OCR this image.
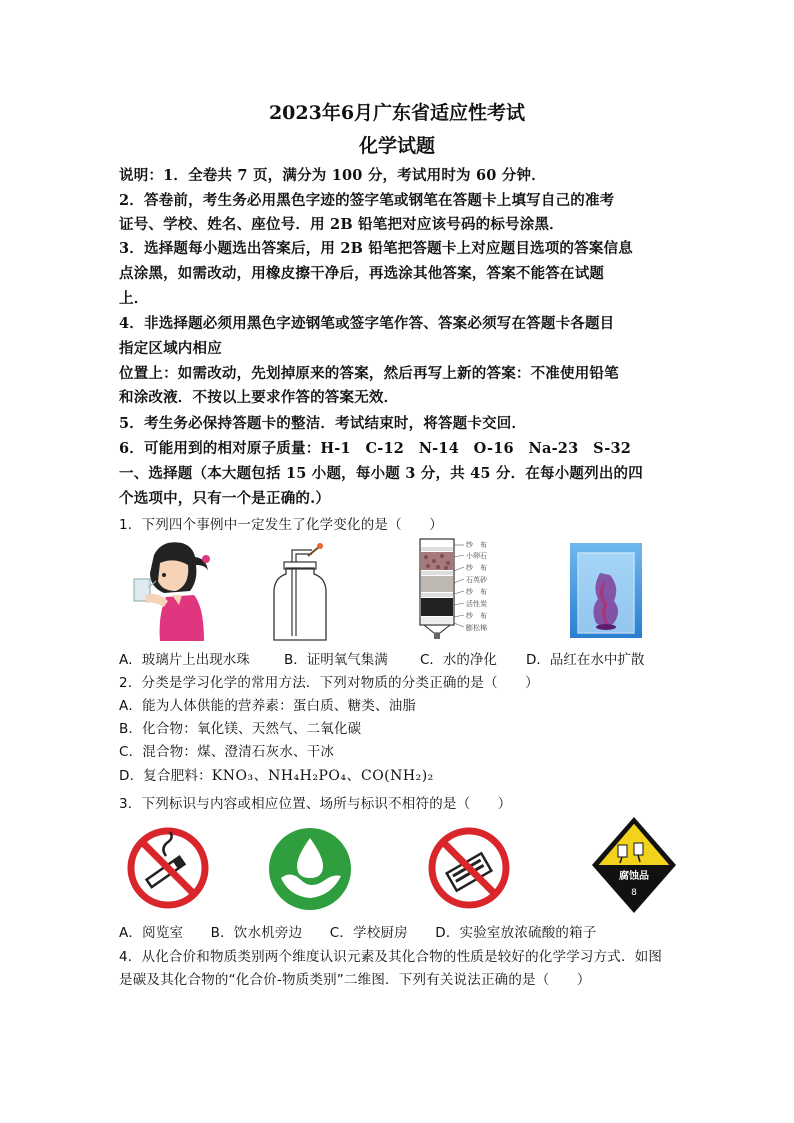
2023年6月广东省适应性考试
化学试题
说明：1．全卷共 7 页，满分为 100 分，考试用时为 60 分钟．
2．答卷前，考生务必用黑色字迹的签字笔或钢笔在答题卡上填写自己的准考
证号、学校、姓名、座位号．用 2B 铅笔把对应该号码的标号涂黑．
3．选择题每小题选出答案后，用 2B 铅笔把答题卡上对应题目选项的答案信息
点涂黑，如需改动，用橡皮擦干净后，再选涂其他答案，答案不能答在试题
上．
4．非选择题必须用黑色字迹钢笔或签字笔作答、答案必须写在答题卡各题目
指定区域内相应
位置上：如需改动，先划掉原来的答案，然后再写上新的答案：不准使用铅笔
和涂改液．不按以上要求作答的答案无效．
5．考生务必保持答题卡的整洁．考试结束时，将答题卡交回．
6．可能用到的相对原子质量：H-1　C-12　N-14　O-16　Na-23　S-32
一、选择题（本大题包括 15 小题，每小题 3 分，共 45 分．在每小题列出的四
个选项中，只有一个是正确的.）
1．下列四个事例中一定发生了化学变化的是（　　）
纱　布
小卵石
纱　布
石英砂
纱　布
活性炭
纱　布
膨松棉
A．玻璃片上出现水珠	B．证明氧气集满 C．水的净化 D．品红在水中扩散
2．分类是学习化学的常用方法．下列对物质的分类正确的是（　　）
A．能为人体供能的营养素：蛋白质、糖类、油脂
B．化合物：氧化镁、天然气、二氧化碳
C．混合物：煤、澄清石灰水、干冰
D．复合肥料：KNO₃、NH₄H₂PO₄、CO(NH₂)₂
3．下列标识与内容或相应位置、场所与标识不相符的是（　　）
腐蚀品
8
A．阅览室　　B．饮水机旁边　　C．学校厨房　　D．实验室放浓硫酸的箱子
4．从化合价和物质类别两个维度认识元素及其化合物的性质是较好的化学学习方式．如图
是碳及其化合物的“化合价-物质类别”二维图．下列有关说法正确的是（　　）
